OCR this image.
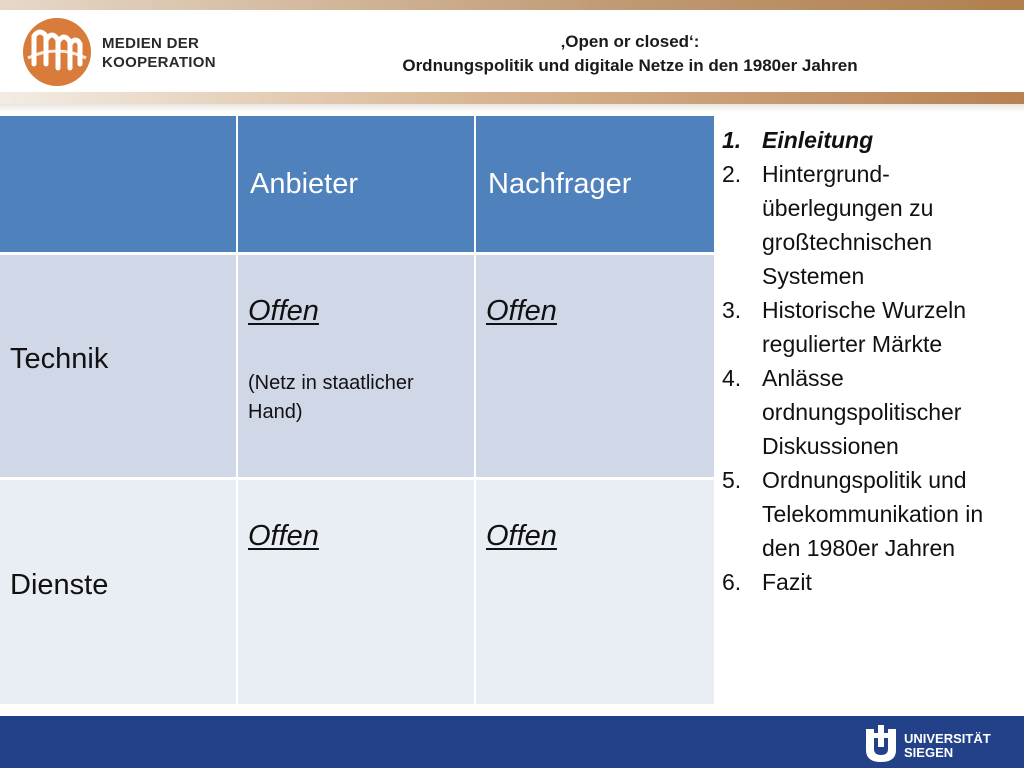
MEDIEN DER
KOOPERATION
‚Open or closed‘:
Ordnungspolitik und digitale Netze in den 1980er Jahren
Anbieter	Nachfrager
Technik
Offen
(Netz in staatlicher Hand)
Offen
Dienste
Offen	Offen
1. Einleitung
2. Hintergrund-überlegungen zu großtechnischen Systemen
3. Historische Wurzeln regulierter Märkte
4. Anlässe ordnungspolitischer Diskussionen
5. Ordnungspolitik und Telekommunikation in den 1980er Jahren
6. Fazit
UNIVERSITÄT
SIEGEN
